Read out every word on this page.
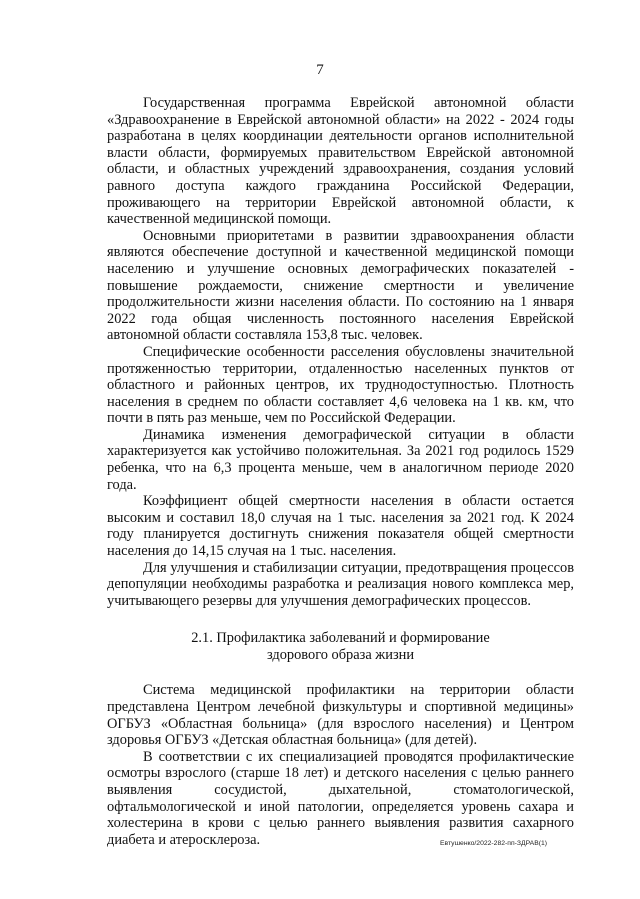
7

Государственная программа Еврейской автономной области «Здравоохранение в Еврейской автономной области» на 2022 - 2024 годы разработана в целях координации деятельности органов исполнительной власти области, формируемых правительством Еврейской автономной области, и областных учреждений здравоохранения, создания условий равного доступа каждого гражданина Российской Федерации, проживающего на территории Еврейской автономной области, к качественной медицинской помощи.

Основными приоритетами в развитии здравоохранения области являются обеспечение доступной и качественной медицинской помощи населению и улучшение основных демографических показателей - повышение рождаемости, снижение смертности и увеличение продолжительности жизни населения области. По состоянию на 1 января 2022 года общая численность постоянного населения Еврейской автономной области составляла 153,8 тыс. человек.

Специфические особенности расселения обусловлены значительной протяженностью территории, отдаленностью населенных пунктов от областного и районных центров, их труднодоступностью. Плотность населения в среднем по области составляет 4,6 человека на 1 кв. км, что почти в пять раз меньше, чем по Российской Федерации.

Динамика изменения демографической ситуации в области характеризуется как устойчиво положительная. За 2021 год родилось 1529 ребенка, что на 6,3 процента меньше, чем в аналогичном периоде 2020 года.

Коэффициент общей смертности населения в области остается высоким и составил 18,0 случая на 1 тыс. населения за 2021 год. К 2024 году планируется достигнуть снижения показателя общей смертности населения до 14,15 случая на 1 тыс. населения.

Для улучшения и стабилизации ситуации, предотвращения процессов депопуляции необходимы разработка и реализация нового комплекса мер, учитывающего резервы для улучшения демографических процессов.

2.1. Профилактика заболеваний и формирование
здорового образа жизни

Система медицинской профилактики на территории области представлена Центром лечебной физкультуры и спортивной медицины» ОГБУЗ «Областная больница» (для взрослого населения) и Центром здоровья ОГБУЗ «Детская областная больница» (для детей).

В соответствии с их специализацией проводятся профилактические осмотры взрослого (старше 18 лет) и детского населения с целью раннего выявления сосудистой, дыхательной, стоматологической, офтальмологической и иной патологии, определяется уровень сахара и холестерина в крови с целью раннего выявления развития сахарного диабета и атеросклероза.	Евтушенко/2022-282-пп-ЗДРАВ(1)
